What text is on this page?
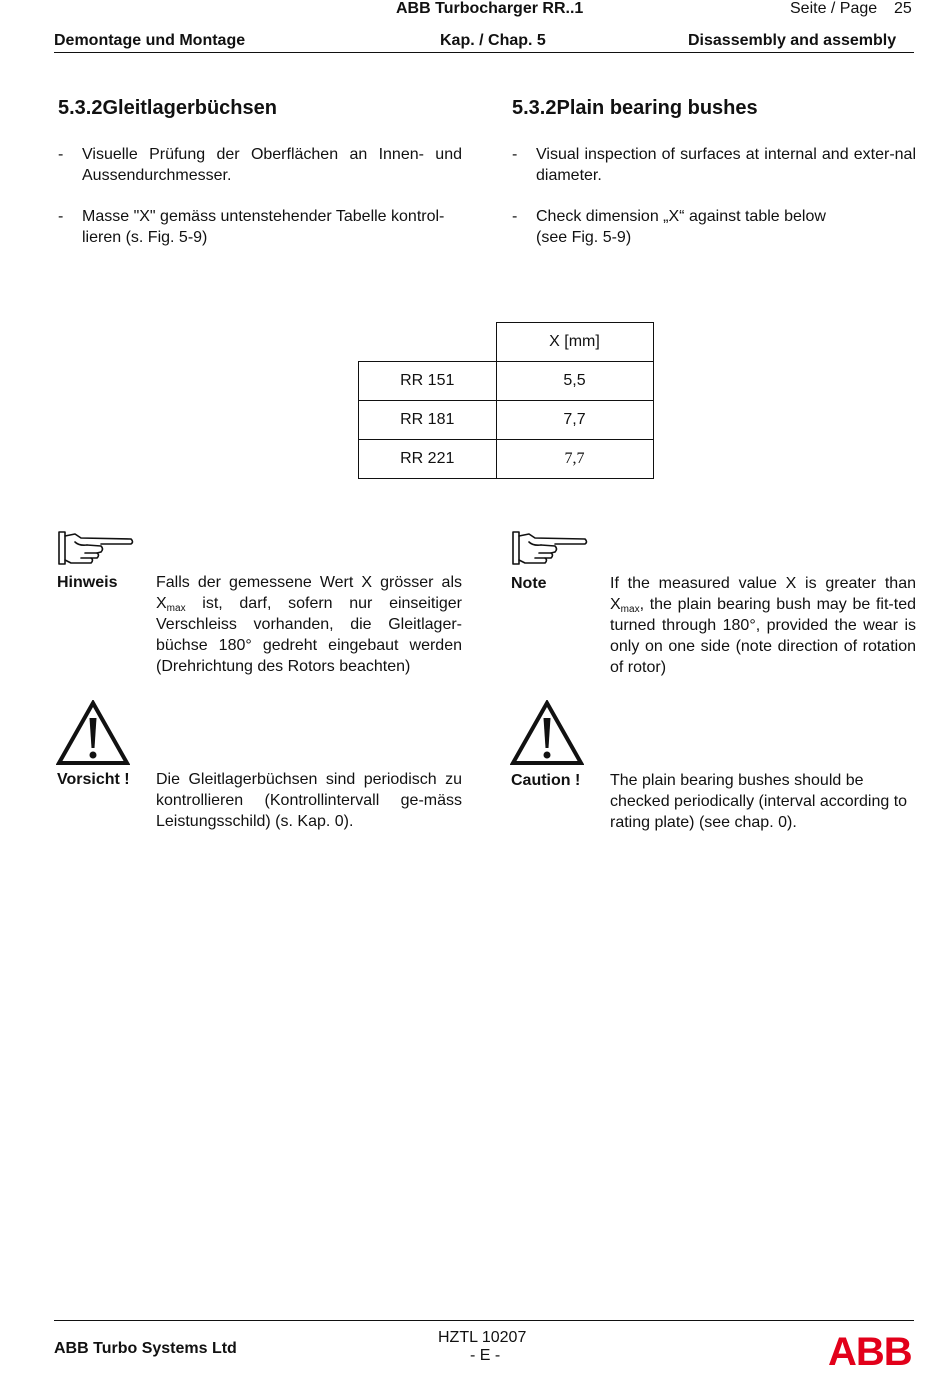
ABB Turbocharger RR..1	Seite / Page 25
Demontage und Montage	Kap. / Chap. 5	Disassembly and assembly
5.3.2Gleitlagerbüchsen	5.3.2Plain bearing bushes
- Visuelle Prüfung der Oberflächen an Innen- und Aussendurchmesser.
- Masse "X" gemäss untenstehender Tabelle kontrol-lieren (s. Fig. 5-9)
- Visual inspection of surfaces at internal and exter-nal diameter.
- Check dimension „X“ against table below (see Fig. 5-9)
	X [mm]
RR 151	5,5
RR 181	7,7
RR 221	7,7
Hinweis Falls der gemessene Wert X grösser als $X_{max}$ ist, darf, sofern nur einseitiger Verschleiss vorhanden, die Gleitlager-büchse 180° gedreht eingebaut werden (Drehrichtung des Rotors beachten)
Note	If the measured value X is greater than $X_{max}$, the plain bearing bush may be fit-ted turned through 180°, provided the wear is only on one side (note direction of rotation of rotor)
Vorsicht ! Die Gleitlagerbüchsen sind periodisch zu kontrollieren (Kontrollintervall ge-mäss Leistungsschild) (s. Kap. 0).
Caution ! The plain bearing bushes should be checked periodically (interval according to rating plate) (see chap. 0).
ABB Turbo Systems Ltd
HZTL 10207
- E -	ABB
